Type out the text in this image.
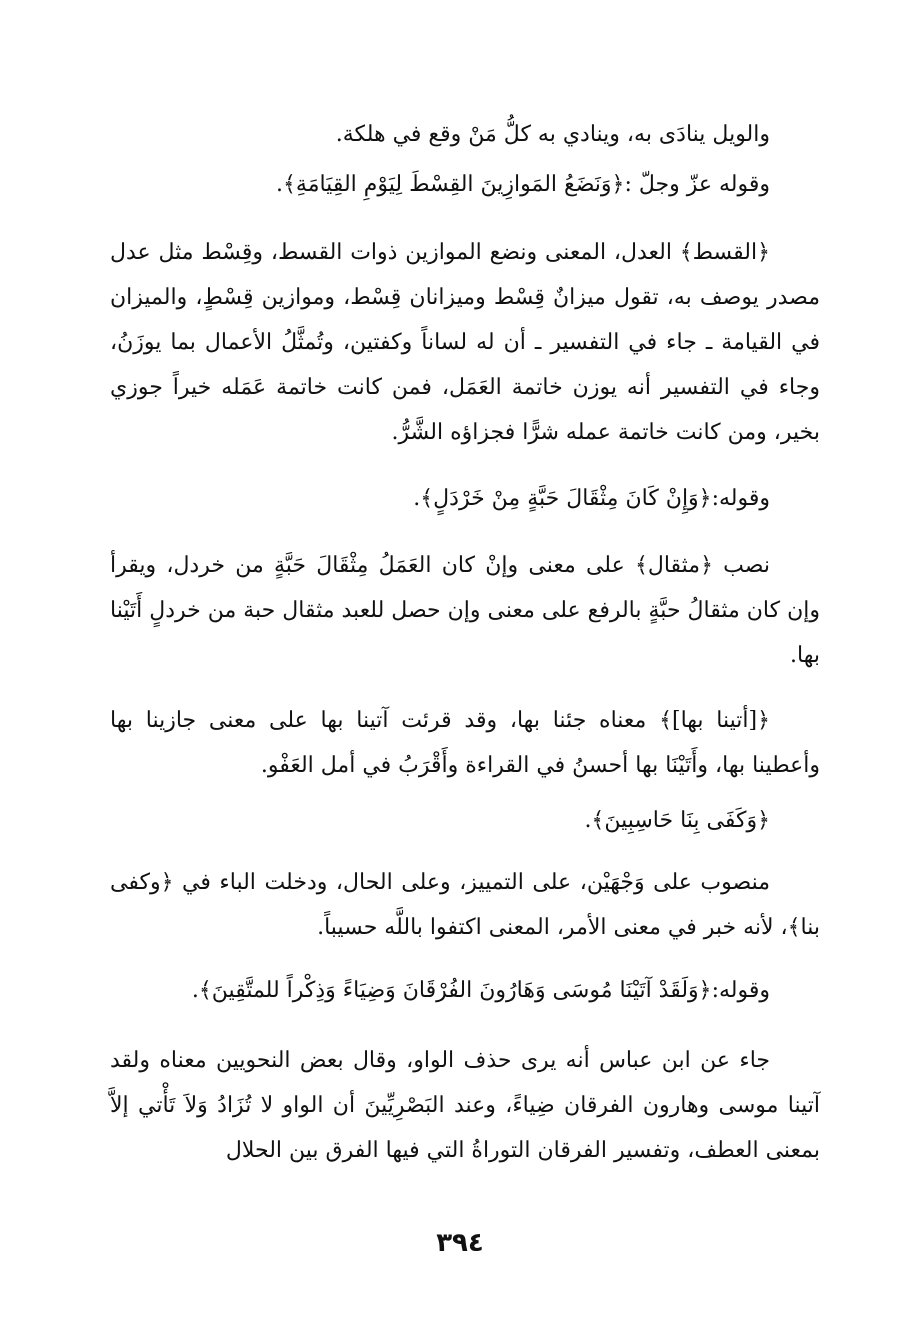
والويل ينادَى به، وينادي به كلُّ مَنْ وقع في هلكة.
وقوله عزّ وجلّ :﴿وَنَضَعُ المَوازِينَ القِسْطَ لِيَوْمِ القِيَامَةِ﴾.
﴿القسط﴾ العدل، المعنى ونضع الموازين ذوات القسط، وقِسْط مثل عدل مصدر يوصف به، تقول ميزانٌ قِسْط وميزانان قِسْط، وموازين قِسْطٍ، والميزان في القيامة ـ جاء في التفسير ـ أن له لساناً وكفتين، وتُمثَّلُ الأعمال بما يوزَنُ، وجاء في التفسير أنه يوزن خاتمة العَمَل، فمن كانت خاتمة عَمَله خيراً جوزي بخير، ومن كانت خاتمة عمله شرًّا فجزاؤه الشَّرُّ.
وقوله:﴿وَإِنْ كَانَ مِثْقَالَ حَبَّةٍ مِنْ خَرْدَلٍ﴾.
نصب ﴿مثقال﴾ على معنى وإنْ كان العَمَلُ مِثْقَالَ حَبَّةٍ من خردل، ويقرأ وإن كان مثقالُ حبَّةٍ بالرفع على معنى وإن حصل للعبد مثقال حبة من خردلٍ أَتَيْنا بها.
﴿[أتينا بها]﴾ معناه جئنا بها، وقد قرئت آتينا بها على معنى جازينا بها وأعطينا بها، وأَتَيْنَا بها أحسنُ في القراءة وأَقْرَبُ في أمل العَفْو.
﴿وَكَفَى بِنَا حَاسِبِينَ﴾.
منصوب على وَجْهَيْن، على التمييز، وعلى الحال، ودخلت الباء في ﴿وكفى بنا﴾، لأنه خبر في معنى الأمر، المعنى اكتفوا باللَّه حسيباً.
وقوله:﴿وَلَقَدْ آتَيْنَا مُوسَى وَهَارُونَ الفُرْقَانَ وَضِيَاءً وَذِكْراً للمتَّقِينَ﴾.
جاء عن ابن عباس أنه يرى حذف الواو، وقال بعض النحويين معناه ولقد آتينا موسى وهارون الفرقان ضِياءً، وعند البَصْرِيِّينَ أن الواو لا تُزَادُ وَلاَ تَأْتي إلاَّ بمعنى العطف، وتفسير الفرقان التوراةُ التي فيها الفرق بين الحلال
٣٩٤
